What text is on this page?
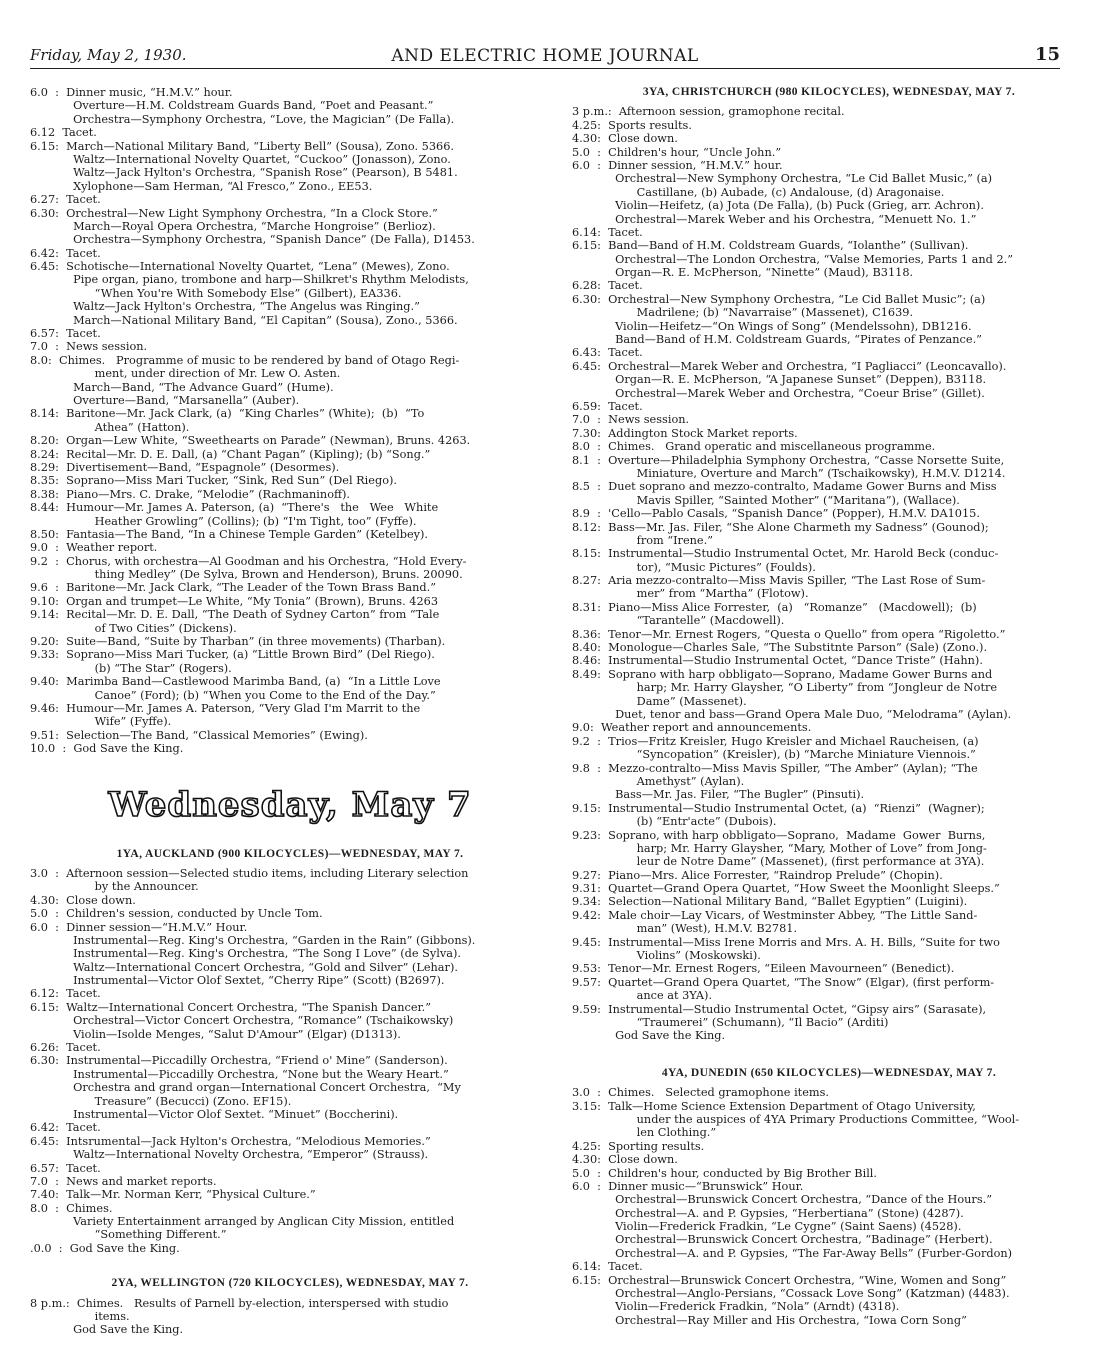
Friday, May 2, 1930.	AND ELECTRIC HOME JOURNAL	15
6.0  :  Dinner music, “H.M.V.” hour.
Overture—H.M. Coldstream Guards Band, “Poet and Peasant.”
Orchestra—Symphony Orchestra, “Love, the Magician” (De Falla).
6.12  Tacet.
6.15:  March—National Military Band, “Liberty Bell” (Sousa), Zono. 5366.
Waltz—International Novelty Quartet, “Cuckoo” (Jonasson), Zono.
Waltz—Jack Hylton's Orchestra, “Spanish Rose” (Pearson), B 5481.
Xylophone—Sam Herman, “Al Fresco,” Zono., EE53.
6.27:  Tacet.
6.30:  Orchestral—New Light Symphony Orchestra, “In a Clock Store.”
March—Royal Opera Orchestra, “Marche Hongroise” (Berlioz).
Orchestra—Symphony Orchestra, “Spanish Dance” (De Falla), D1453.
6.42:  Tacet.
6.45:  Schotische—International Novelty Quartet, “Lena” (Mewes), Zono.
Pipe organ, piano, trombone and harp—Shilkret's Rhythm Melodists,
“When You're With Somebody Else” (Gilbert), EA336.
Waltz—Jack Hylton's Orchestra, “The Angelus was Ringing.”
March—National Military Band, “El Capitan” (Sousa), Zono., 5366.
6.57:  Tacet.
7.0  :  News session.
8.0:  Chimes.   Programme of music to be rendered by band of Otago Regi-
ment, under direction of Mr. Lew O. Asten.
March—Band, “The Advance Guard” (Hume).
Overture—Band, “Marsanella” (Auber).
8.14:  Baritone—Mr. Jack Clark, (a)  “King Charles” (White);  (b)  “To
Athea” (Hatton).
8.20:  Organ—Lew White, “Sweethearts on Parade” (Newman), Bruns. 4263.
8.24:  Recital—Mr. D. E. Dall, (a) “Chant Pagan” (Kipling); (b) “Song.”
8.29:  Divertisement—Band, “Espagnole” (Desormes).
8.35:  Soprano—Miss Mari Tucker, “Sink, Red Sun” (Del Riego).
8.38:  Piano—Mrs. C. Drake, “Melodie” (Rachmaninoff).
8.44:  Humour—Mr. James A. Paterson, (a)  “There's   the   Wee   White
Heather Growling” (Collins); (b) “I'm Tight, too” (Fyffe).
8.50:  Fantasia—The Band, “In a Chinese Temple Garden” (Ketelbey).
9.0  :  Weather report.
9.2  :  Chorus, with orchestra—Al Goodman and his Orchestra, “Hold Every-
thing Medley” (De Sylva, Brown and Henderson), Bruns. 20090.
9.6  :  Baritone—Mr. Jack Clark, “The Leader of the Town Brass Band.”
9.10:  Organ and trumpet—Le White, “My Tonia” (Brown), Bruns. 4263
9.14:  Recital—Mr. D. E. Dall, “The Death of Sydney Carton” from “Tale
of Two Cities” (Dickens).
9.20:  Suite—Band, “Suite by Tharban” (in three movements) (Tharban).
9.33:  Soprano—Miss Mari Tucker, (a) “Little Brown Bird” (Del Riego).
(b) “The Star” (Rogers).
9.40:  Marimba Band—Castlewood Marimba Band, (a)  “In a Little Love
Canoe” (Ford); (b) “When you Come to the End of the Day.”
9.46:  Humour—Mr. James A. Paterson, “Very Glad I'm Marrit to the
Wife” (Fyffe).
9.51:  Selection—The Band, “Classical Memories” (Ewing).
10.0  :  God Save the King.
Wednesday, May 7
1YA, AUCKLAND (900 KILOCYCLES)—WEDNESDAY, MAY 7.
3.0  :  Afternoon session—Selected studio items, including Literary selection
by the Announcer.
4.30:  Close down.
5.0  :  Children's session, conducted by Uncle Tom.
6.0  :  Dinner session—“H.M.V.” Hour.
Instrumental—Reg. King's Orchestra, “Garden in the Rain” (Gibbons).
Instrumental—Reg. King's Orchestra, “The Song I Love” (de Sylva).
Waltz—International Concert Orchestra, “Gold and Silver” (Lehar).
Instrumental—Victor Olof Sextet, “Cherry Ripe” (Scott) (B2697).
6.12:  Tacet.
6.15:  Waltz—International Concert Orchestra, “The Spanish Dancer.”
Orchestral—Victor Concert Orchestra, “Romance” (Tschaikowsky)
Violin—Isolde Menges, “Salut D'Amour” (Elgar) (D1313).
6.26:  Tacet.
6.30:  Instrumental—Piccadilly Orchestra, “Friend o' Mine” (Sanderson).
Instrumental—Piccadilly Orchestra, “None but the Weary Heart.”
Orchestra and grand organ—International Concert Orchestra,  “My
Treasure” (Becucci) (Zono. EF15).
Instrumental—Victor Olof Sextet. “Minuet” (Boccherini).
6.42:  Tacet.
6.45:  Intsrumental—Jack Hylton's Orchestra, “Melodious Memories.”
Waltz—International Novelty Orchestra, “Emperor” (Strauss).
6.57:  Tacet.
7.0  :  News and market reports.
7.40:  Talk—Mr. Norman Kerr, “Physical Culture.”
8.0  :  Chimes.
Variety Entertainment arranged by Anglican City Mission, entitled
“Something Different.”
.0.0  :  God Save the King.
2YA, WELLINGTON (720 KILOCYCLES), WEDNESDAY, MAY 7.
8 p.m.:  Chimes.   Results of Parnell by-election, interspersed with studio
items.
God Save the King.
3YA, CHRISTCHURCH (980 KILOCYCLES), WEDNESDAY, MAY 7.
3 p.m.:  Afternoon session, gramophone recital.
4.25:  Sports results.
4.30:  Close down.
5.0  :  Children's hour, “Uncle John.”
6.0  :  Dinner session, “H.M.V.” hour.
Orchestral—New Symphony Orchestra, “Le Cid Ballet Music,” (a)
Castillane, (b) Aubade, (c) Andalouse, (d) Aragonaise.
Violin—Heifetz, (a) Jota (De Falla), (b) Puck (Grieg, arr. Achron).
Orchestral—Marek Weber and his Orchestra, “Menuett No. 1.”
6.14:  Tacet.
6.15:  Band—Band of H.M. Coldstream Guards, “Iolanthe” (Sullivan).
Orchestral—The London Orchestra, “Valse Memories, Parts 1 and 2.”
Organ—R. E. McPherson, “Ninette” (Maud), B3118.
6.28:  Tacet.
6.30:  Orchestral—New Symphony Orchestra, “Le Cid Ballet Music”; (a)
Madrilene; (b) “Navarraise” (Massenet), C1639.
Violin—Heifetz—“On Wings of Song” (Mendelssohn), DB1216.
Band—Band of H.M. Coldstream Guards, “Pirates of Penzance.”
6.43:  Tacet.
6.45:  Orchestral—Marek Weber and Orchestra, “I Pagliacci” (Leoncavallo).
Organ—R. E. McPherson, “A Japanese Sunset” (Deppen), B3118.
Orchestral—Marek Weber and Orchestra, “Coeur Brise” (Gillet).
6.59:  Tacet.
7.0  :  News session.
7.30:  Addington Stock Market reports.
8.0  :  Chimes.   Grand operatic and miscellaneous programme.
8.1  :  Overture—Philadelphia Symphony Orchestra, “Casse Norsette Suite,
Miniature, Overture and March” (Tschaikowsky), H.M.V. D1214.
8.5  :  Duet soprano and mezzo-contralto, Madame Gower Burns and Miss
Mavis Spiller, “Sainted Mother” (“Maritana”), (Wallace).
8.9  :  'Cello—Pablo Casals, “Spanish Dance” (Popper), H.M.V. DA1015.
8.12:  Bass—Mr. Jas. Filer, “She Alone Charmeth my Sadness” (Gounod);
from “Irene.”
8.15:  Instrumental—Studio Instrumental Octet, Mr. Harold Beck (conduc-
tor), “Music Pictures” (Foulds).
8.27:  Aria mezzo-contralto—Miss Mavis Spiller, “The Last Rose of Sum-
mer” from “Martha” (Flotow).
8.31:  Piano—Miss Alice Forrester,  (a)   “Romanze”   (Macdowell);  (b)
“Tarantelle” (Macdowell).
8.36:  Tenor—Mr. Ernest Rogers, “Questa o Quello” from opera “Rigoletto.”
8.40:  Monologue—Charles Sale, “The Substitnte Parson” (Sale) (Zono.).
8.46:  Instrumental—Studio Instrumental Octet, “Dance Triste” (Hahn).
8.49:  Soprano with harp obbligato—Soprano, Madame Gower Burns and
harp; Mr. Harry Glaysher, “O Liberty” from “Jongleur de Notre
Dame” (Massenet).
Duet, tenor and bass—Grand Opera Male Duo, “Melodrama” (Aylan).
9.0:  Weather report and announcements.
9.2  :  Trios—Fritz Kreisler, Hugo Kreisler and Michael Raucheisen, (a)
“Syncopation” (Kreisler), (b) “Marche Miniature Viennois.”
9.8  :  Mezzo-contralto—Miss Mavis Spiller, “The Amber” (Aylan); “The
Amethyst” (Aylan).
Bass—Mr. Jas. Filer, “The Bugler” (Pinsuti).
9.15:  Instrumental—Studio Instrumental Octet, (a)  “Rienzi”  (Wagner);
(b) “Entr'acte” (Dubois).
9.23:  Soprano, with harp obbligato—Soprano,  Madame  Gower  Burns,
harp; Mr. Harry Glaysher, “Mary, Mother of Love” from Jong-
leur de Notre Dame” (Massenet), (first performance at 3YA).
9.27:  Piano—Mrs. Alice Forrester, “Raindrop Prelude” (Chopin).
9.31:  Quartet—Grand Opera Quartet, “How Sweet the Moonlight Sleeps.”
9.34:  Selection—National Military Band, “Ballet Egyptien” (Luigini).
9.42:  Male choir—Lay Vicars, of Westminster Abbey, “The Little Sand-
man” (West), H.M.V. B2781.
9.45:  Instrumental—Miss Irene Morris and Mrs. A. H. Bills, “Suite for two
Violins” (Moskowski).
9.53:  Tenor—Mr. Ernest Rogers, “Eileen Mavourneen” (Benedict).
9.57:  Quartet—Grand Opera Quartet, “The Snow” (Elgar), (first perform-
ance at 3YA).
9.59:  Instrumental—Studio Instrumental Octet, “Gipsy airs” (Sarasate),
“Traumerei” (Schumann), “Il Bacio” (Arditi)
God Save the King.
4YA, DUNEDIN (650 KILOCYCLES)—WEDNESDAY, MAY 7.
3.0  :  Chimes.   Selected gramophone items.
3.15:  Talk—Home Science Extension Department of Otago University,
under the auspices of 4YA Primary Productions Committee, “Wool-
len Clothing.”
4.25:  Sporting results.
4.30:  Close down.
5.0  :  Children's hour, conducted by Big Brother Bill.
6.0  :  Dinner music—“Brunswick” Hour.
Orchestral—Brunswick Concert Orchestra, “Dance of the Hours.”
Orchestral—A. and P. Gypsies, “Herbertiana” (Stone) (4287).
Violin—Frederick Fradkin, “Le Cygne” (Saint Saens) (4528).
Orchestral—Brunswick Concert Orchestra, “Badinage” (Herbert).
Orchestral—A. and P. Gypsies, “The Far-Away Bells” (Furber-Gordon)
6.14:  Tacet.
6.15:  Orchestral—Brunswick Concert Orchestra, “Wine, Women and Song”
Orchestral—Anglo-Persians, “Cossack Love Song” (Katzman) (4483).
Violin—Frederick Fradkin, “Nola” (Arndt) (4318).
Orchestral—Ray Miller and His Orchestra, “Iowa Corn Song”
